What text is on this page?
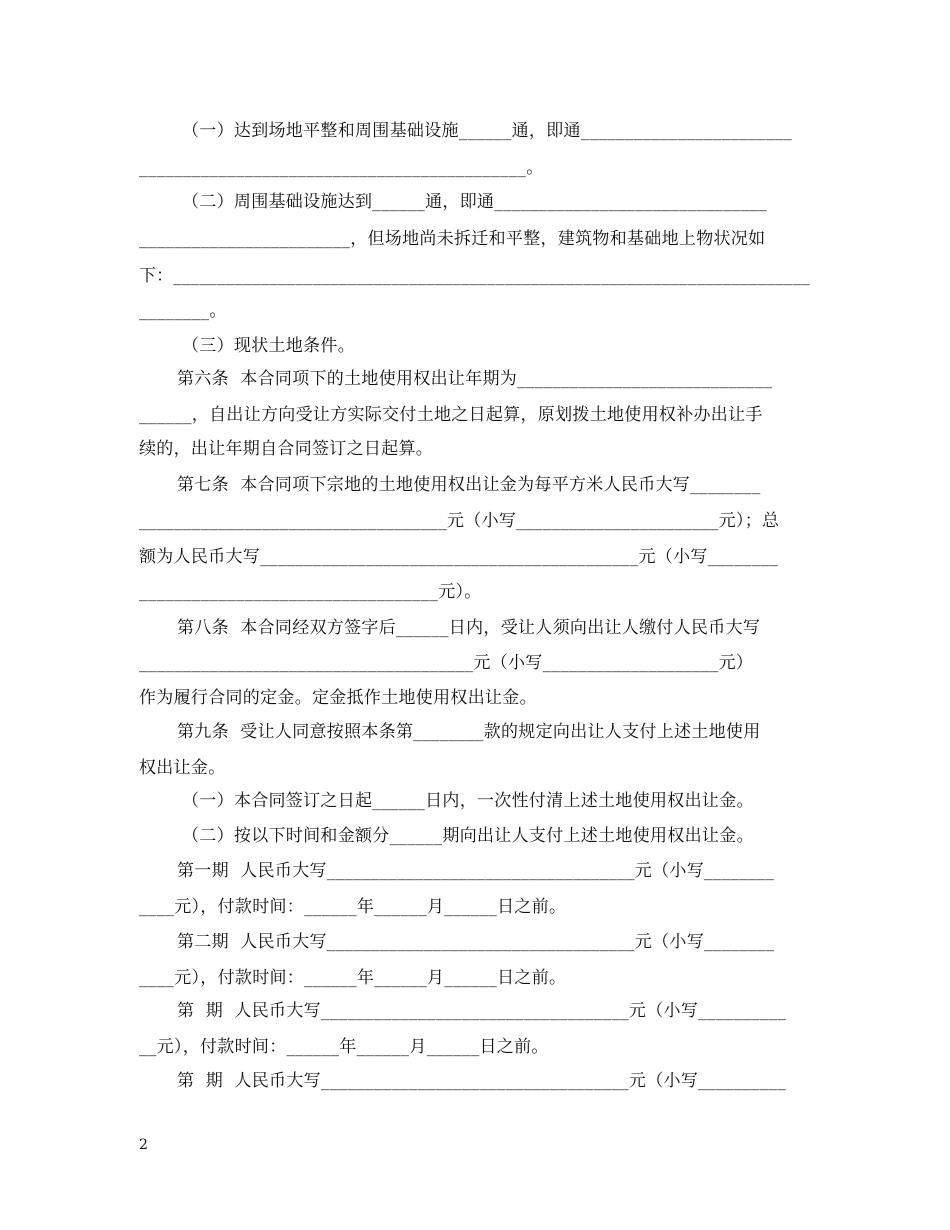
（一）达到场地平整和周围基础设施______通，即通________________________
____________________________________________。
（二）周围基础设施达到______通，即通_______________________________
________________________，但场地尚未拆迁和平整，建筑物和基础地上物状况如
下：_________________________________________________________________________
________。
（三）现状土地条件。
第六条  本合同项下的土地使用权出让年期为_____________________________
______，自出让方向受让方实际交付土地之日起算，原划拨土地使用权补办出让手
续的，出让年期自合同签订之日起算。
第七条  本合同项下宗地的土地使用权出让金为每平方米人民币大写________
___________________________________元（小写_______________________元）；总
额为人民币大写___________________________________________元（小写________
__________________________________元）。
第八条  本合同经双方签字后______日内，受让人须向出让人缴付人民币大写
______________________________________元（小写____________________元）
作为履行合同的定金。定金抵作土地使用权出让金。
第九条  受让人同意按照本条第________款的规定向出让人支付上述土地使用
权出让金。
（一）本合同签订之日起______日内，一次性付清上述土地使用权出让金。
（二）按以下时间和金额分______期向出让人支付上述土地使用权出让金。
第一期  人民币大写___________________________________元（小写________
____元），付款时间：______年______月______日之前。
第二期  人民币大写___________________________________元（小写________
____元），付款时间：______年______月______日之前。
第  期  人民币大写___________________________________元（小写__________
__元），付款时间：______年______月______日之前。
第  期  人民币大写___________________________________元（小写__________
2
